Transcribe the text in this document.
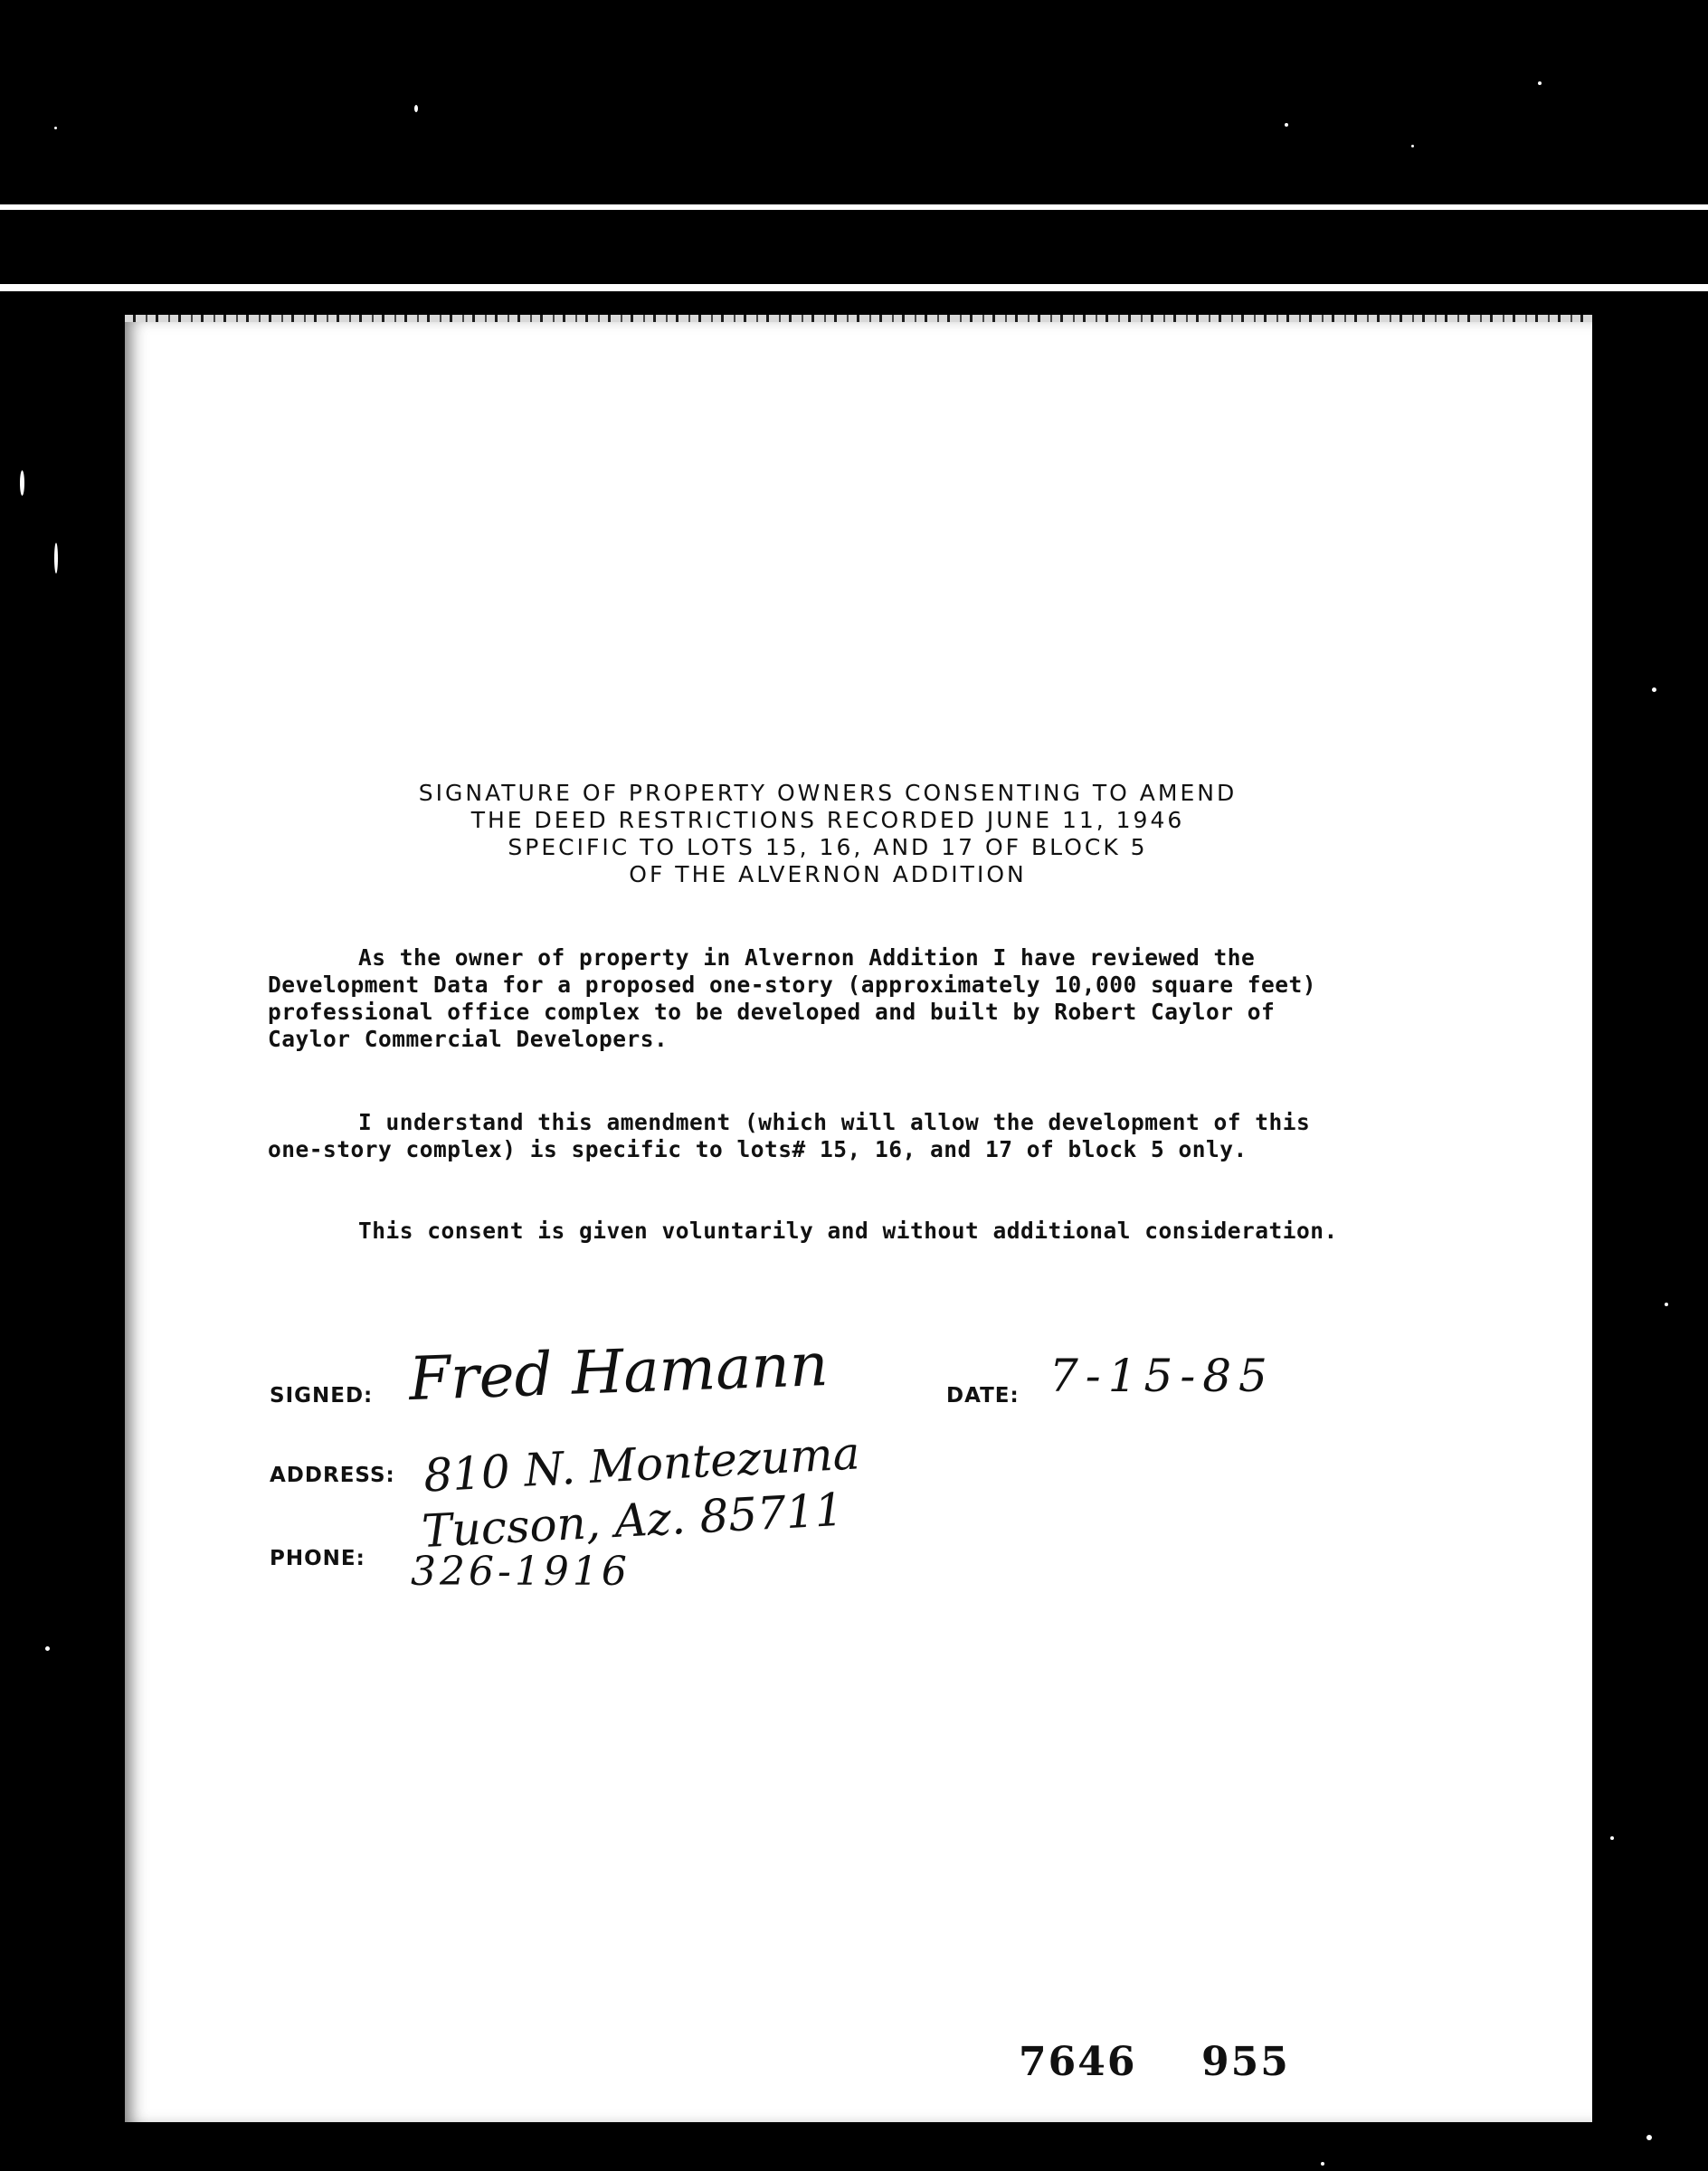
SIGNATURE OF PROPERTY OWNERS CONSENTING TO AMEND
THE DEED RESTRICTIONS RECORDED JUNE 11, 1946
SPECIFIC TO LOTS 15, 16, AND 17 OF BLOCK 5
OF THE ALVERNON ADDITION
As the owner of property in Alvernon Addition I have reviewed the Development Data for a proposed one-story (approximately 10,000 square feet) professional office complex to be developed and built by Robert Caylor of Caylor Commercial Developers.
I understand this amendment (which will allow the development of this one-story complex) is specific to lots# 15, 16, and 17 of block 5 only.
This consent is given voluntarily and without additional consideration.
SIGNED: Fred Hamann	DATE: 7-15-85
ADDRESS: 810 N. Montezuma
Tucson, Az. 85711
PHONE: 326-1916
7646 955
